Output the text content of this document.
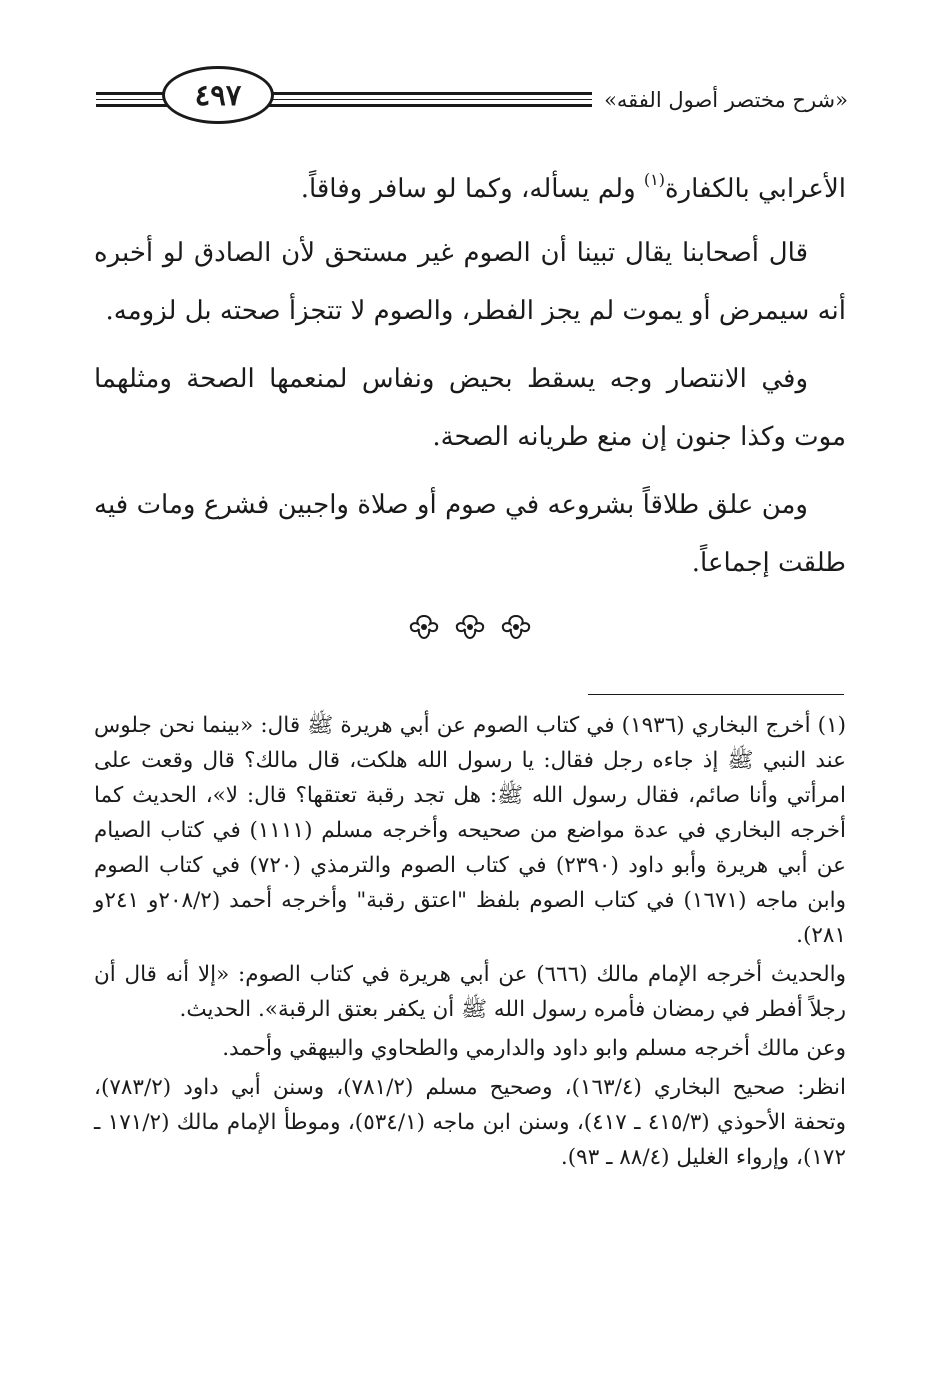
٤٩٧	«شرح مختصر أصول الفقه»

الأعرابي بالكفارة$^{(١)}$ ولم يسأله، وكما لو سافر وفاقاً.

قال أصحابنا يقال تبينا أن الصوم غير مستحق لأن الصادق لو أخبره أنه سيمرض أو يموت لم يجز الفطر، والصوم لا تتجزأ صحته بل لزومه.

وفي الانتصار وجه يسقط بحيض ونفاس لمنعمها الصحة ومثلهما موت وكذا جنون إن منع طريانه الصحة.

ومن علق طلاقاً بشروعه في صوم أو صلاة واجبين فشرع ومات فيه طلقت إجماعاً.

(١) أخرج البخاري (١٩٣٦) في كتاب الصوم عن أبي هريرة ﷺ قال: «بينما نحن جلوس عند النبي ﷺ إذ جاءه رجل فقال: يا رسول الله هلكت، قال مالك؟ قال وقعت على امرأتي وأنا صائم، فقال رسول الله ﷺ: هل تجد رقبة تعتقها؟ قال: لا»، الحديث كما أخرجه البخاري في عدة مواضع من صحيحه وأخرجه مسلم (١١١١) في كتاب الصيام عن أبي هريرة وأبو داود (٢٣٩٠) في كتاب الصوم والترمذي (٧٢٠) في كتاب الصوم وابن ماجه (١٦٧١) في كتاب الصوم بلفظ "اعتق رقبة" وأخرجه أحمد (٢٠٨/٢و ٢٤١و ٢٨١).

والحديث أخرجه الإمام مالك (٦٦٦) عن أبي هريرة في كتاب الصوم: «إلا أنه قال أن رجلاً أفطر في رمضان فأمره رسول الله ﷺ أن يكفر بعتق الرقبة». الحديث.

وعن مالك أخرجه مسلم وابو داود والدارمي والطحاوي والبيهقي وأحمد.

انظر: صحيح البخاري (١٦٣/٤)، وصحيح مسلم (٧٨١/٢)، وسنن أبي داود (٧٨٣/٢)، وتحفة الأحوذي (٤١٥/٣ ـ ٤١٧)، وسنن ابن ماجه (٥٣٤/١)، وموطأ الإمام مالك (١٧١/٢ ـ ١٧٢)، وإرواء الغليل (٨٨/٤ ـ ٩٣).
